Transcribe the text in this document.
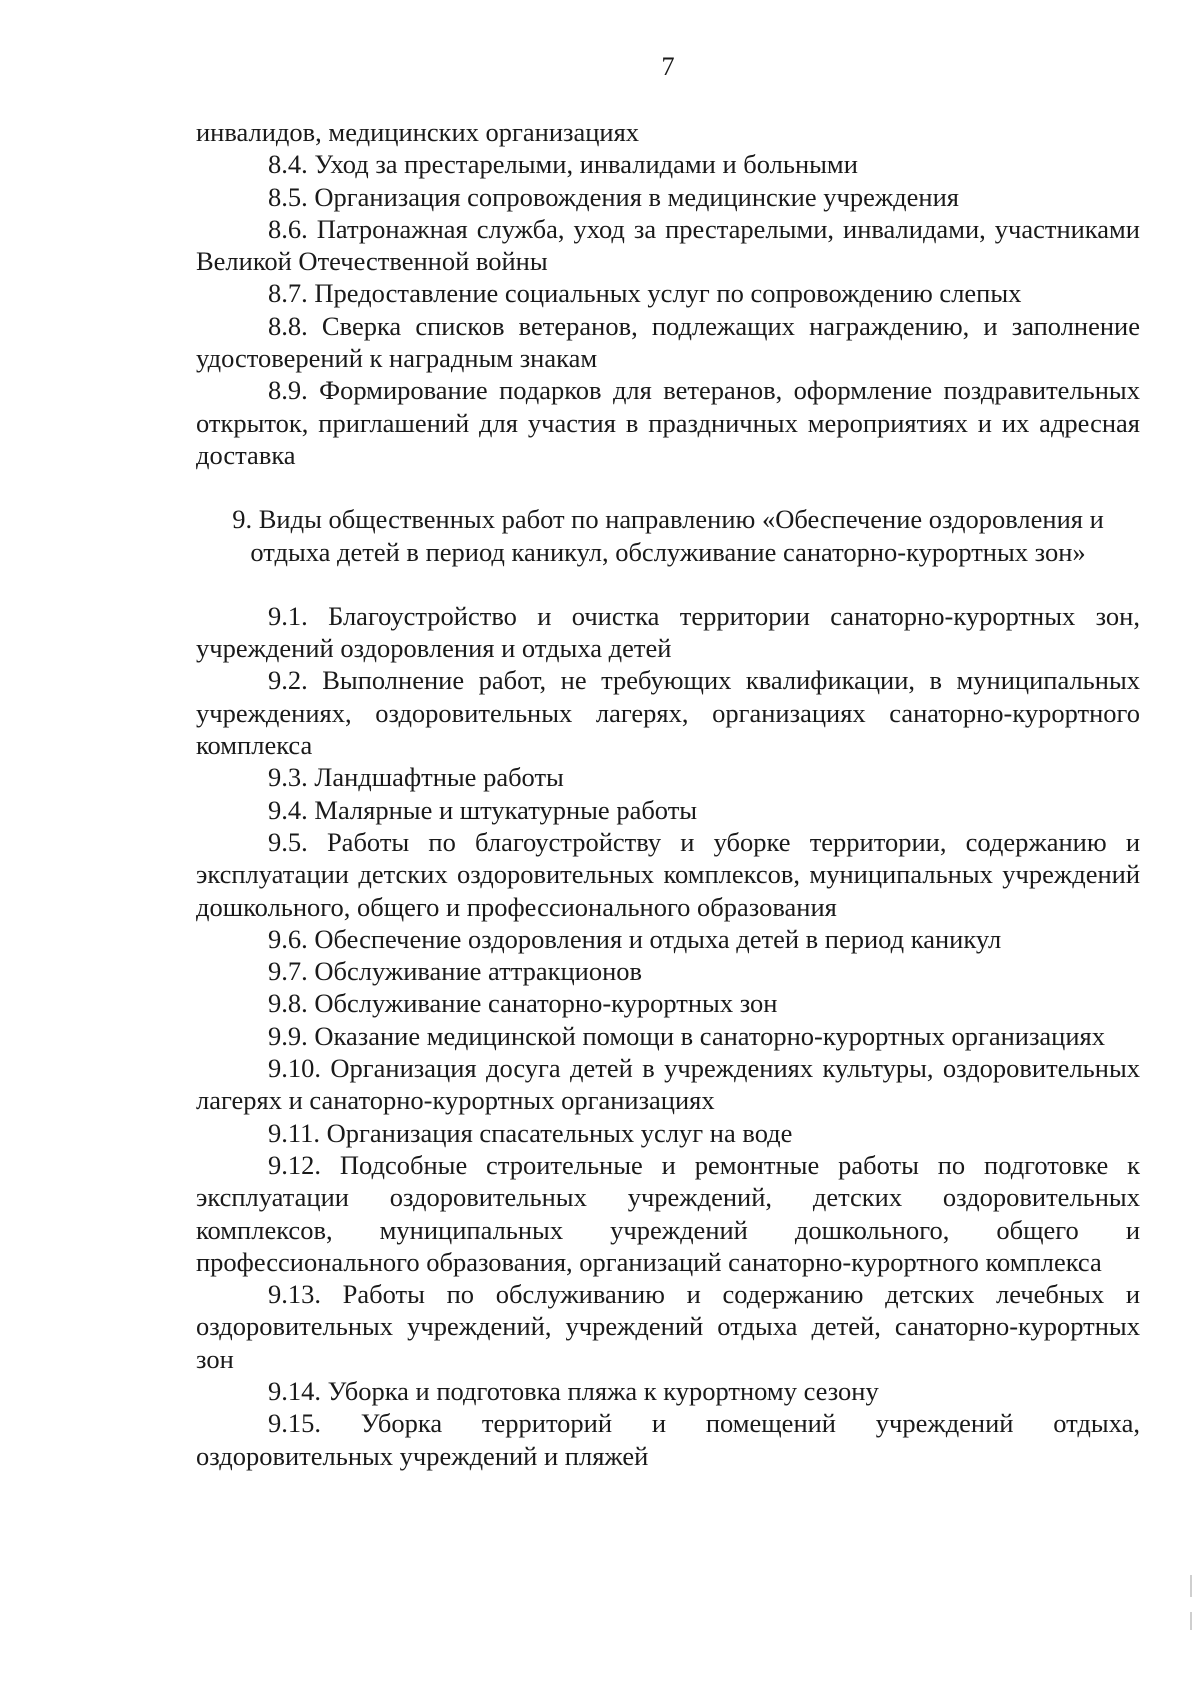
7

инвалидов, медицинских организациях

8.4. Уход за престарелыми, инвалидами и больными

8.5. Организация сопровождения в медицинские учреждения

8.6. Патронажная служба, уход за престарелыми, инвалидами, участниками Великой Отечественной войны

8.7. Предоставление социальных услуг по сопровождению слепых

8.8. Сверка списков ветеранов, подлежащих награждению, и заполнение удостоверений к наградным знакам

8.9. Формирование подарков для ветеранов, оформление поздравительных открыток, приглашений для участия в праздничных мероприятиях и их адресная доставка

9. Виды общественных работ по направлению «Обеспечение оздоровления и отдыха детей в период каникул, обслуживание санаторно-курортных зон»

9.1. Благоустройство и очистка территории санаторно-курортных зон, учреждений оздоровления и отдыха детей

9.2. Выполнение работ, не требующих квалификации, в муниципальных учреждениях, оздоровительных лагерях, организациях санаторно-курортного комплекса

9.3. Ландшафтные работы

9.4. Малярные и штукатурные работы

9.5. Работы по благоустройству и уборке территории, содержанию и эксплуатации детских оздоровительных комплексов, муниципальных учреждений дошкольного, общего и профессионального образования

9.6. Обеспечение оздоровления и отдыха детей в период каникул

9.7. Обслуживание аттракционов

9.8. Обслуживание санаторно-курортных зон

9.9. Оказание медицинской помощи в санаторно-курортных организациях

9.10. Организация досуга детей в учреждениях культуры, оздоровительных лагерях и санаторно-курортных организациях

9.11. Организация спасательных услуг на воде

9.12. Подсобные строительные и ремонтные работы по подготовке к эксплуатации оздоровительных учреждений, детских оздоровительных комплексов, муниципальных учреждений дошкольного, общего и профессионального образования, организаций санаторно-курортного комплекса

9.13. Работы по обслуживанию и содержанию детских лечебных и оздоровительных учреждений, учреждений отдыха детей, санаторно-курортных зон

9.14. Уборка и подготовка пляжа к курортному сезону

9.15. Уборка территорий и помещений учреждений отдыха, оздоровительных учреждений и пляжей
